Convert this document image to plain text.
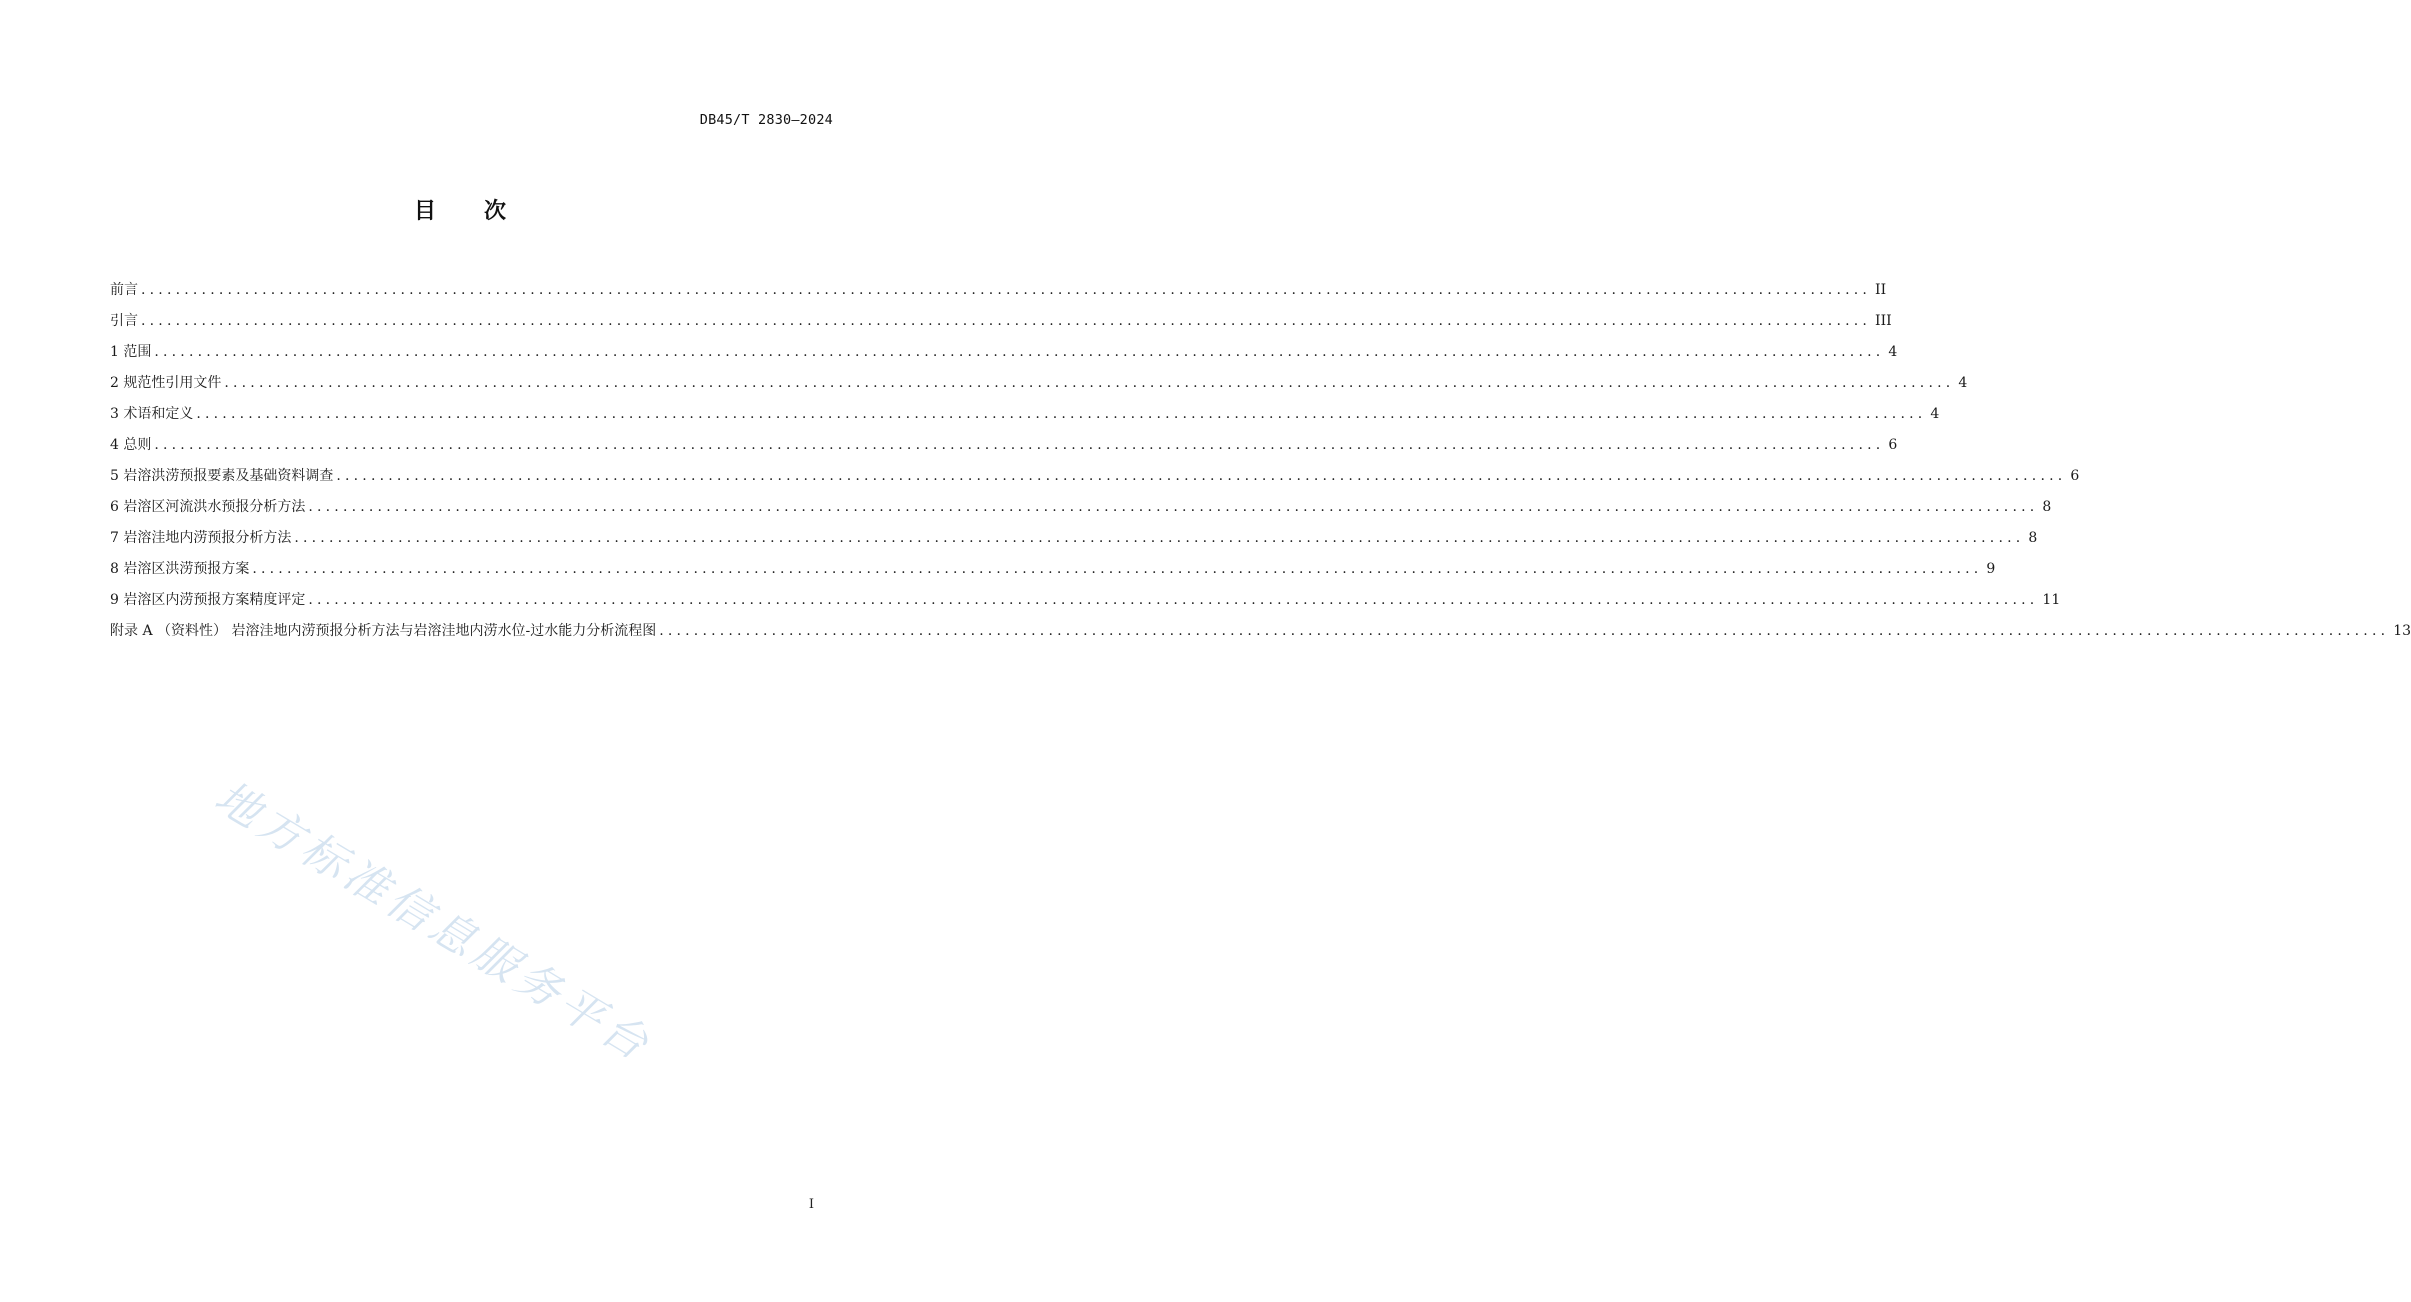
DB45/T 2830—2024
目 次
前言 ........................................................................................................................................................................................................ II
引言 ........................................................................................................................................................................................................ III
1 范围 ........................................................................................................................................................................................................ 4
2 规范性引用文件 ........................................................................................................................................................................................................ 4
3 术语和定义 ........................................................................................................................................................................................................ 4
4 总则 ........................................................................................................................................................................................................ 6
5 岩溶洪涝预报要素及基础资料调查 ........................................................................................................................................................................................................ 6
6 岩溶区河流洪水预报分析方法 ........................................................................................................................................................................................................ 8
7 岩溶洼地内涝预报分析方法 ........................................................................................................................................................................................................ 8
8 岩溶区洪涝预报方案 ........................................................................................................................................................................................................ 9
9 岩溶区内涝预报方案精度评定 ........................................................................................................................................................................................................ 11
附录 A （资料性） 岩溶洼地内涝预报分析方法与岩溶洼地内涝水位-过水能力分析流程图 ........................................................................................................................................................................................................ 13
地方标准信息服务平台
I
